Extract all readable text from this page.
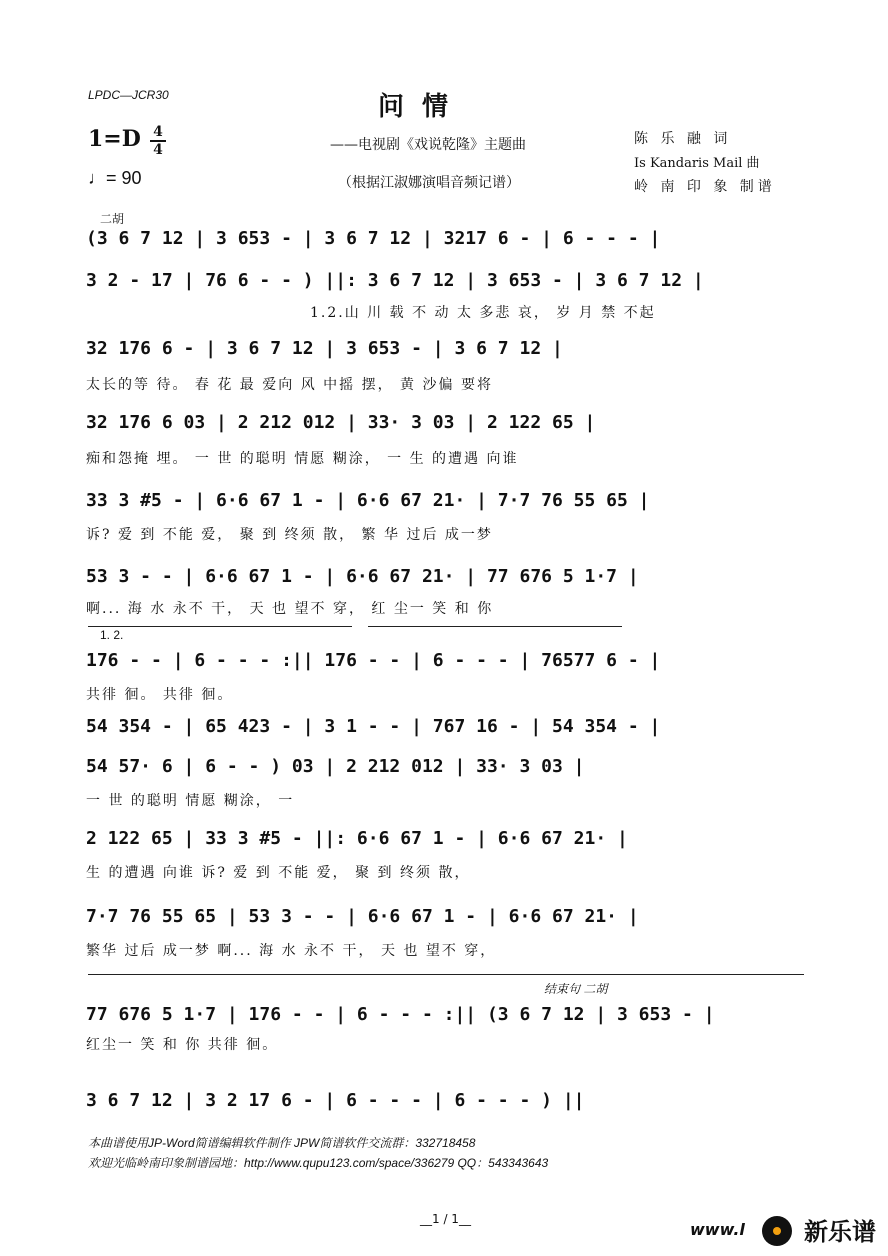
LPDC—JCR30	问情
1=D 4
4
♩= 90
——电视剧《戏说乾隆》主题曲
（根据江淑娜演唱音频记谱）
陈 乐 融 词
Is Kandaris Mail 曲
岭 南 印 象 制谱
二胡
(3 6 7 12 | 3 653 - | 3 6 7 12 | 3217 6 - | 6 - - - |
3 2 - 17 | 76 6 - - ) ||: 3 6 7 12 | 3 653 - | 3 6 7 12 |
1.2.山 川 载 不 动 太 多悲 哀， 岁 月 禁 不起
32 176 6 - | 3 6 7 12 | 3 653 - | 3 6 7 12 |
太长的等 待。 春 花 最 爱向 风 中摇 摆， 黄 沙偏 要将
32 176 6 03 | 2 212 012 | 33· 3 03 | 2 122 65 |
痴和怨掩 埋。 一 世 的聪明 情愿 糊涂， 一 生 的遭遇 向谁
33 3 #5 - | 6·6 67 1 - | 6·6 67 21· | 7·7 76 55 65 |
诉? 爱 到 不能 爱， 聚 到 终须 散， 繁 华 过后 成一梦
53 3 - - | 6·6 67 1 - | 6·6 67 21· | 77 676 5 1·7 |
啊... 海 水 永不 干， 天 也 望不 穿， 红 尘一 笑 和 你
1. 2.
176 - - | 6 - - - :|| 176 - - | 6 - - - | 76577 6 - |
共徘 徊。 共徘 徊。
54 354 - | 65 423 - | 3 1 - - | 767 16 - | 54 354 - |
54 57· 6 | 6 - - ) 03 | 2 212 012 | 33· 3 03 |
一 世 的聪明 情愿 糊涂， 一
2 122 65 | 33 3 #5 - ||: 6·6 67 1 - | 6·6 67 21· |
生 的遭遇 向谁 诉? 爱 到 不能 爱， 聚 到 终须 散，
7·7 76 55 65 | 53 3 - - | 6·6 67 1 - | 6·6 67 21· |
繁华 过后 成一梦 啊... 海 水 永不 干， 天 也 望不 穿，
结束句 二胡
77 676 5 1·7 | 176 - - | 6 - - - :|| (3 6 7 12 | 3 653 - |
红尘一 笑 和 你 共徘 徊。
3 6 7 12 | 3 2 17 6 - | 6 - - - | 6 - - - ) ||
本曲谱使用JP-Word简谱编辑软件制作 JPW简谱软件交流群：332718458
欢迎光临岭南印象制谱园地：http://www.qupu123.com/space/336279 QQ：543343643
__1 / 1__
www.l 新乐谱
